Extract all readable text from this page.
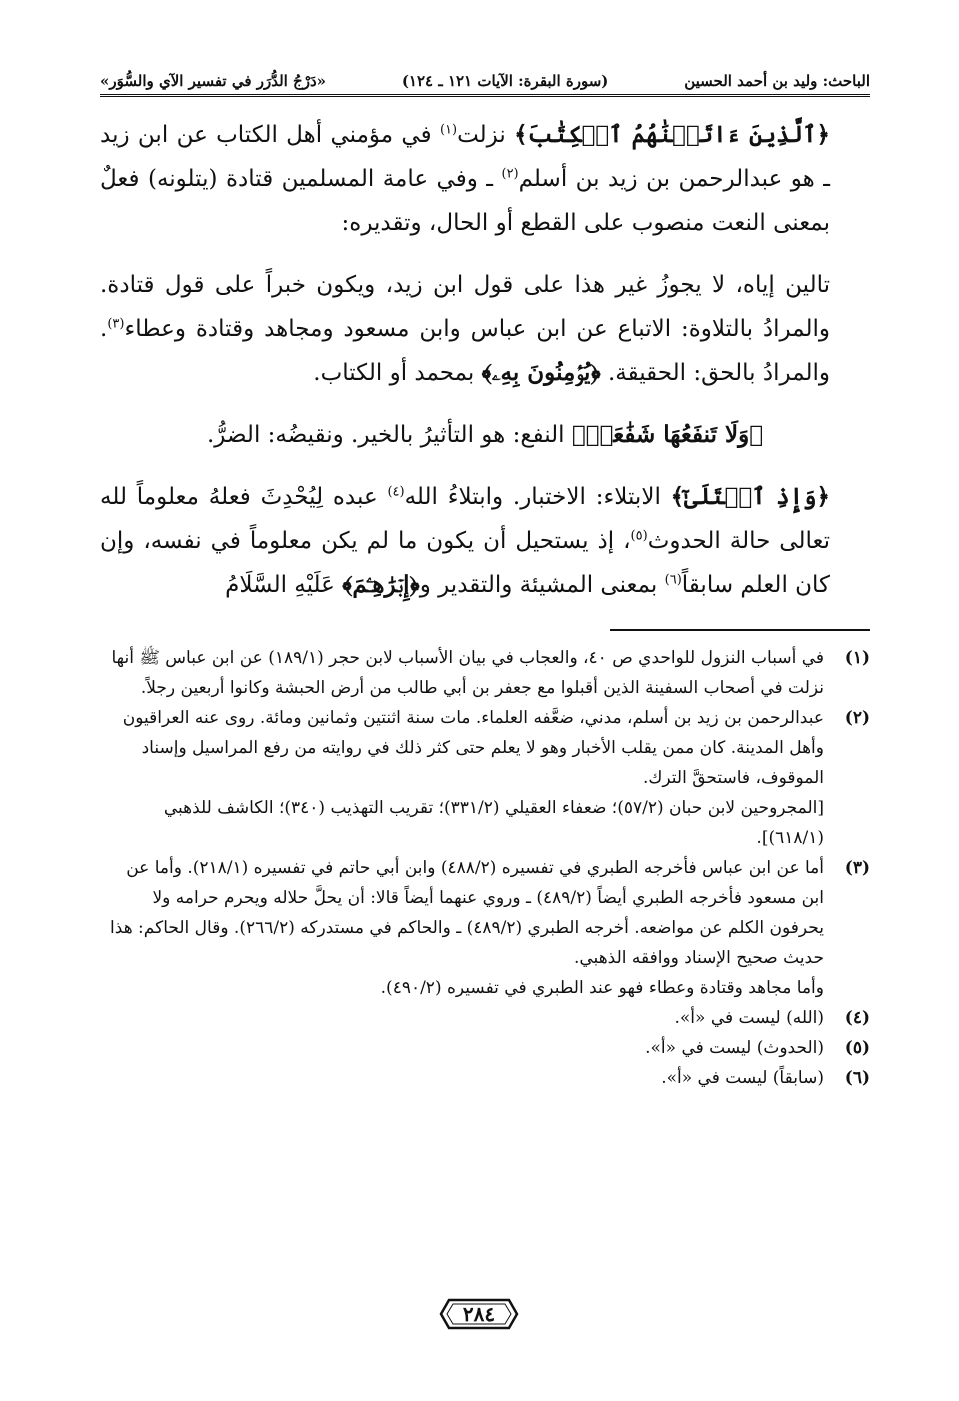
الباحث: وليد بن أحمد الحسين
(سورة البقرة: الآيات ١٢١ ـ ١٢٤)
«دَرْجُ الدُّرَر في تفسير الآي والسُّوَر»

﴿ٱلَّذِينَ ءَاتَيۡنَٰهُمُ ٱلۡكِتَٰبَ﴾ نزلت$^{(١)}$ في مؤمني أهل الكتاب عن ابن زيد ـ هو عبدالرحمن بن زيد بن أسلم$^{(٢)}$ ـ وفي عامة المسلمين قتادة (يتلونه) فعلٌ بمعنى النعت منصوب على القطع أو الحال، وتقديره:

تالين إياه، لا يجوزُ غير هذا على قول ابن زيد، ويكون خبراً على قول قتادة. والمرادُ بالتلاوة: الاتباع عن ابن عباس وابن مسعود ومجاهد وقتادة وعطاء$^{(٣)}$. والمرادُ بالحق: الحقيقة. ﴿يُؤۡمِنُونَ بِهِۦ﴾ بمحمد أو الكتاب.

﴿وَلَا تَنفَعُهَا شَفَٰعَةٞ﴾ النفع: هو التأثيرُ بالخير. ونقيضُه: الضرُّ.

﴿وَإِذِ ٱبۡتَلَىٰٓ﴾ الابتلاء: الاختبار. وابتلاءُ الله$^{(٤)}$ عبده لِيُحْدِثَ فعلهُ معلوماً لله تعالى حالة الحدوث$^{(٥)}$، إذ يستحيل أن يكون ما لم يكن معلوماً في نفسه، وإن كان العلم سابقاً$^{(٦)}$ بمعنى المشيئة والتقدير و﴿إِبۡرَٰهِـۧمَ﴾ عَلَيْهِ السَّلَامُ

(١)

في أسباب النزول للواحدي ص ٤٠، والعجاب في بيان الأسباب لابن حجر (١٨٩/١) عن ابن عباس ﷺ أنها نزلت في أصحاب السفينة الذين أقبلوا مع جعفر بن أبي طالب من أرض الحبشة وكانوا أربعين رجلاً.

(٢)

عبدالرحمن بن زيد بن أسلم، مدني، ضعَّفه العلماء. مات سنة اثنتين وثمانين ومائة. روى عنه العراقيون وأهل المدينة. كان ممن يقلب الأخبار وهو لا يعلم حتى كثر ذلك في روايته من رفع المراسيل وإسناد الموقوف، فاستحقَّ الترك.

[المجروحين لابن حبان (٥٧/٢)؛ ضعفاء العقيلي (٣٣١/٢)؛ تقريب التهذيب (٣٤٠)؛ الكاشف للذهبي (٦١٨/١)].

(٣)

أما عن ابن عباس فأخرجه الطبري في تفسيره (٤٨٨/٢) وابن أبي حاتم في تفسيره (٢١٨/١). وأما عن ابن مسعود فأخرجه الطبري أيضاً (٤٨٩/٢) ـ وروي عنهما أيضاً قالا: أن يحلَّ حلاله ويحرم حرامه ولا يحرفون الكلم عن مواضعه. أخرجه الطبري (٤٨٩/٢) ـ والحاكم في مستدركه (٢٦٦/٢). وقال الحاكم: هذا حديث صحيح الإسناد ووافقه الذهبي.

وأما مجاهد وقتادة وعطاء فهو عند الطبري في تفسيره (٤٩٠/٢).

(٤)

(الله) ليست في «أ».

(٥)

(الحدوث) ليست في «أ».

(٦)

(سابقاً) ليست في «أ».

٢٨٤
